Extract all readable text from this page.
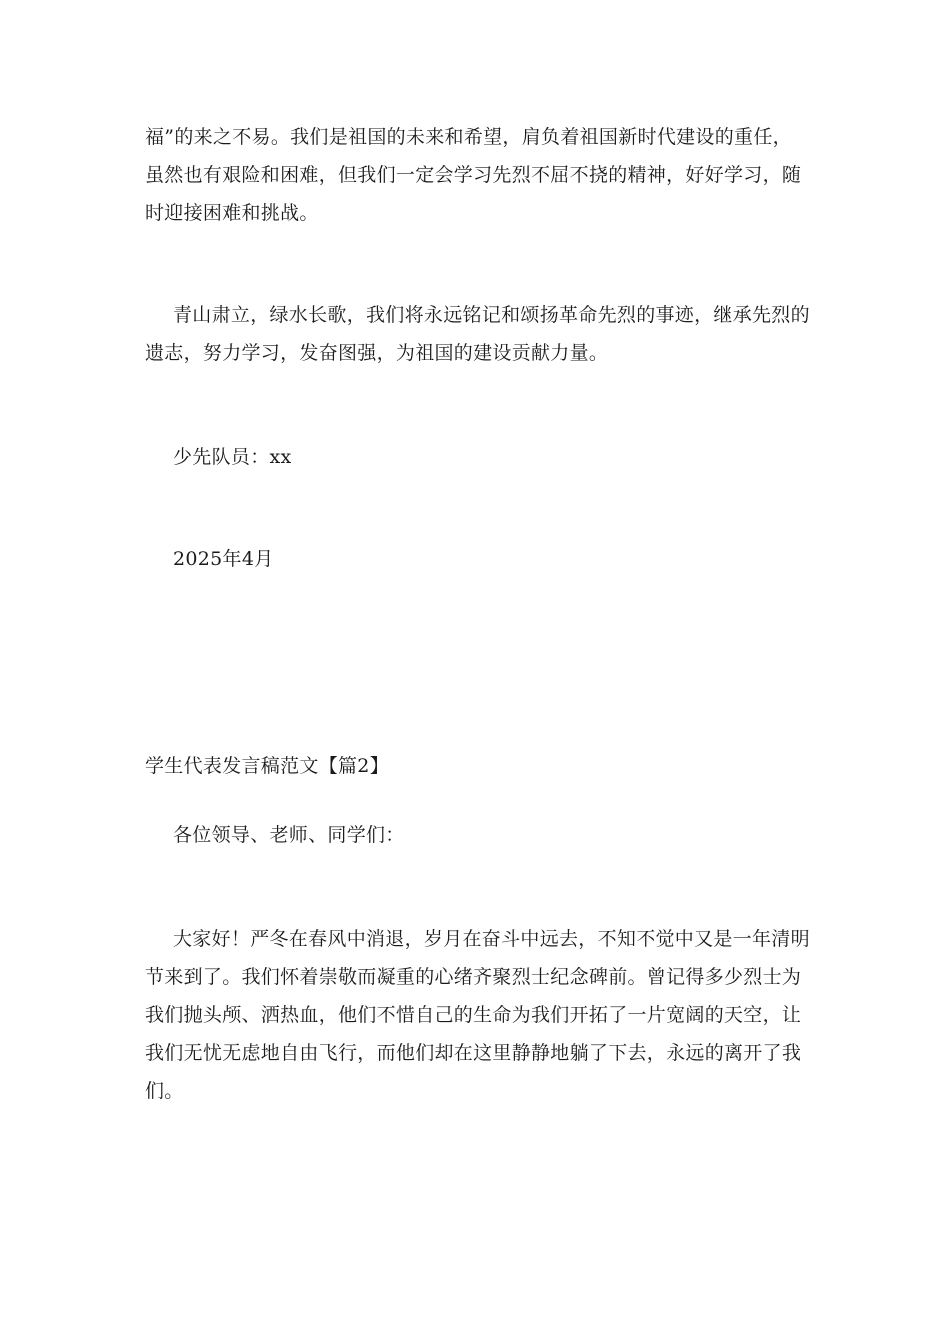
福”的来之不易。我们是祖国的未来和希望，肩负着祖国新时代建设的重任，
虽然也有艰险和困难，但我们一定会学习先烈不屈不挠的精神，好好学习，随
时迎接困难和挑战。
青山肃立，绿水长歌，我们将永远铭记和颂扬革命先烈的事迹，继承先烈的
遗志，努力学习，发奋图强，为祖国的建设贡献力量。
少先队员：xx
2025年4月
学生代表发言稿范文【篇2】
各位领导、老师、同学们：
大家好！严冬在春风中消退，岁月在奋斗中远去，不知不觉中又是一年清明
节来到了。我们怀着崇敬而凝重的心绪齐聚烈士纪念碑前。曾记得多少烈士为
我们抛头颅、洒热血，他们不惜自己的生命为我们开拓了一片宽阔的天空，让
我们无忧无虑地自由飞行，而他们却在这里静静地躺了下去，永远的离开了我
们。
